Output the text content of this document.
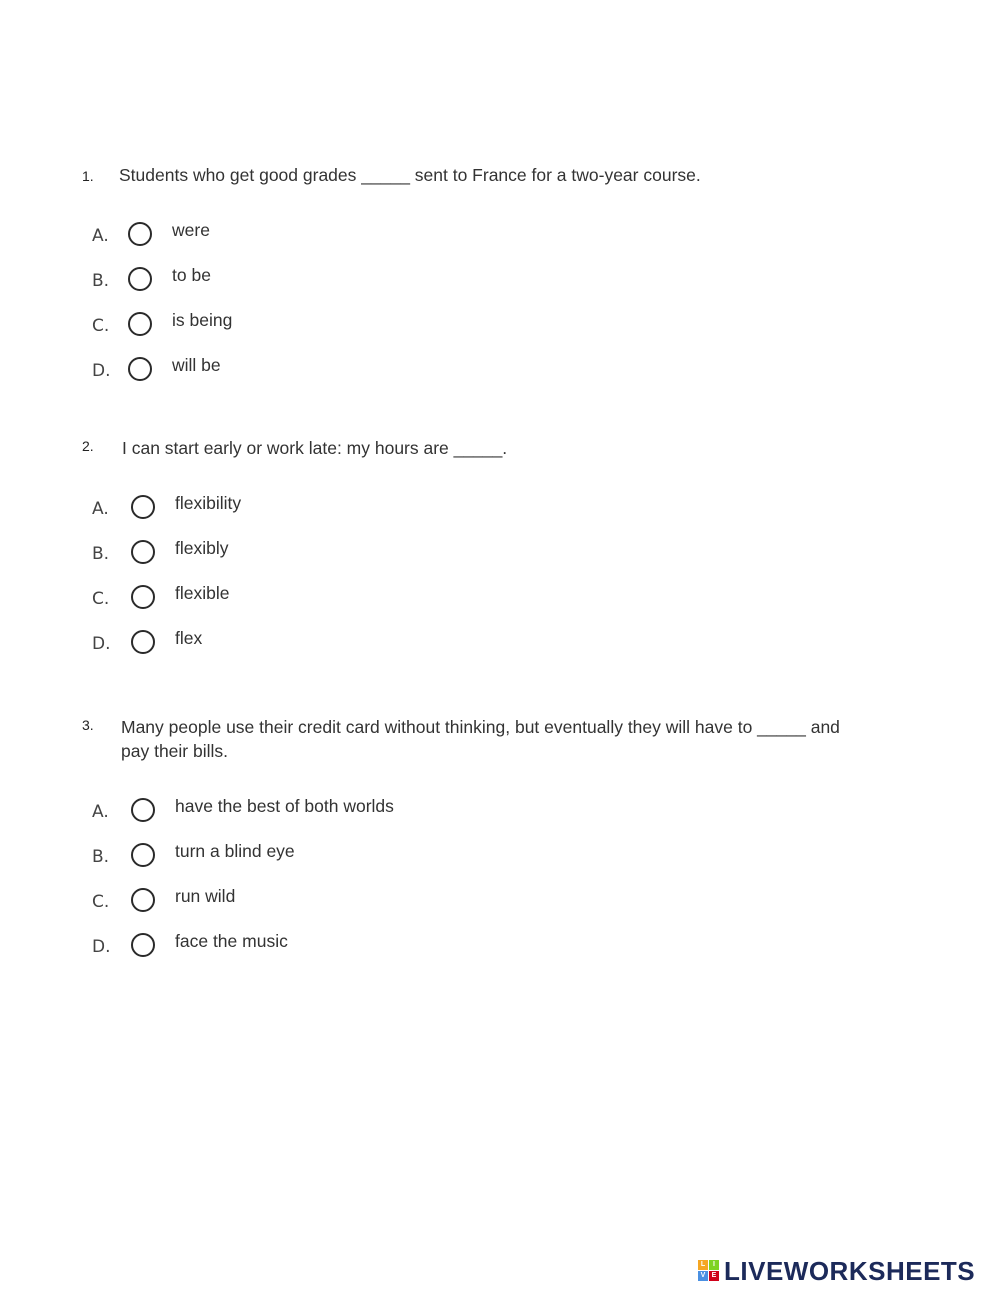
1. Students who get good grades _____ sent to France for a two-year course.
A.	were
B.	to be
C.	is being
D.	will be
2. I can start early or work late: my hours are _____.
A.	flexibility
B.	flexibly
C.	flexible
D.	flex
3. Many people use their credit card without thinking, but eventually they will have to _____ and pay their bills.
A.	have the best of both worlds
B.	turn a blind eye
C.	run wild
D.	face the music
L	I
V E LIVEWORKSHEETS
